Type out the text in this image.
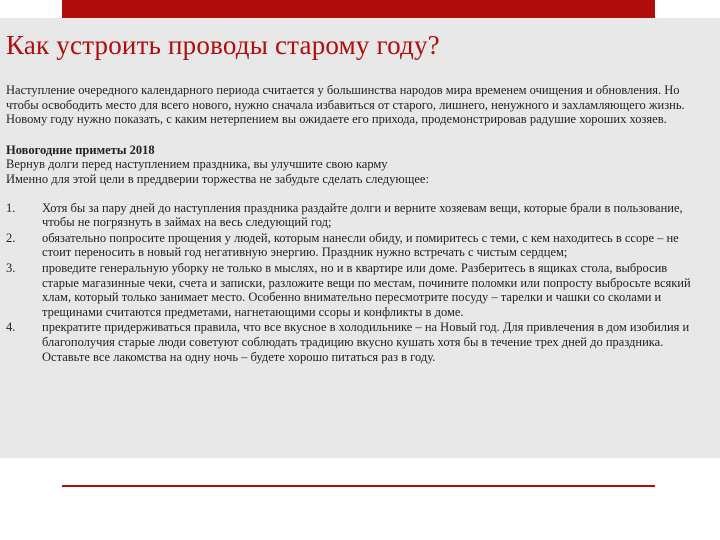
Как устроить проводы старому году?

Наступление очередного календарного периода считается у большинства народов мира временем очищения и обновления. Но чтобы освободить место для всего нового, нужно сначала избавиться от старого, лишнего, ненужного и захламляющего жизнь. Новому году нужно показать, с каким нетерпением вы ожидаете его прихода, продемонстрировав радушие хороших хозяев.

Новогодние приметы 2018

Вернув долги перед наступлением праздника, вы улучшите свою карму

Именно для этой цели в преддверии торжества не забудьте сделать следующее:

1.	Хотя бы за пару дней до наступления праздника раздайте долги и верните хозяевам вещи, которые брали в пользование, чтобы не погрязнуть в займах на весь следующий год;
2.	обязательно попросите прощения у людей, которым нанесли обиду, и помиритесь с теми, с кем находитесь в ссоре – не стоит переносить в новый год негативную энергию. Праздник нужно встречать с чистым сердцем;
3.	проведите генеральную уборку не только в мыслях, но и в квартире или доме. Разберитесь в ящиках стола, выбросив старые магазинные чеки, счета и записки, разложите вещи по местам, почините поломки или попросту выбросьте всякий хлам, который только занимает место. Особенно внимательно пересмотрите посуду – тарелки и чашки со сколами и трещинами считаются предметами, нагнетающими ссоры и конфликты в доме.
4.	прекратите придерживаться правила, что все вкусное в холодильнике – на Новый год. Для привлечения в дом изобилия и благополучия старые люди советуют соблюдать традицию вкусно кушать хотя бы в течение трех дней до праздника. Оставьте все лакомства на одну ночь – будете хорошо питаться раз в году.
